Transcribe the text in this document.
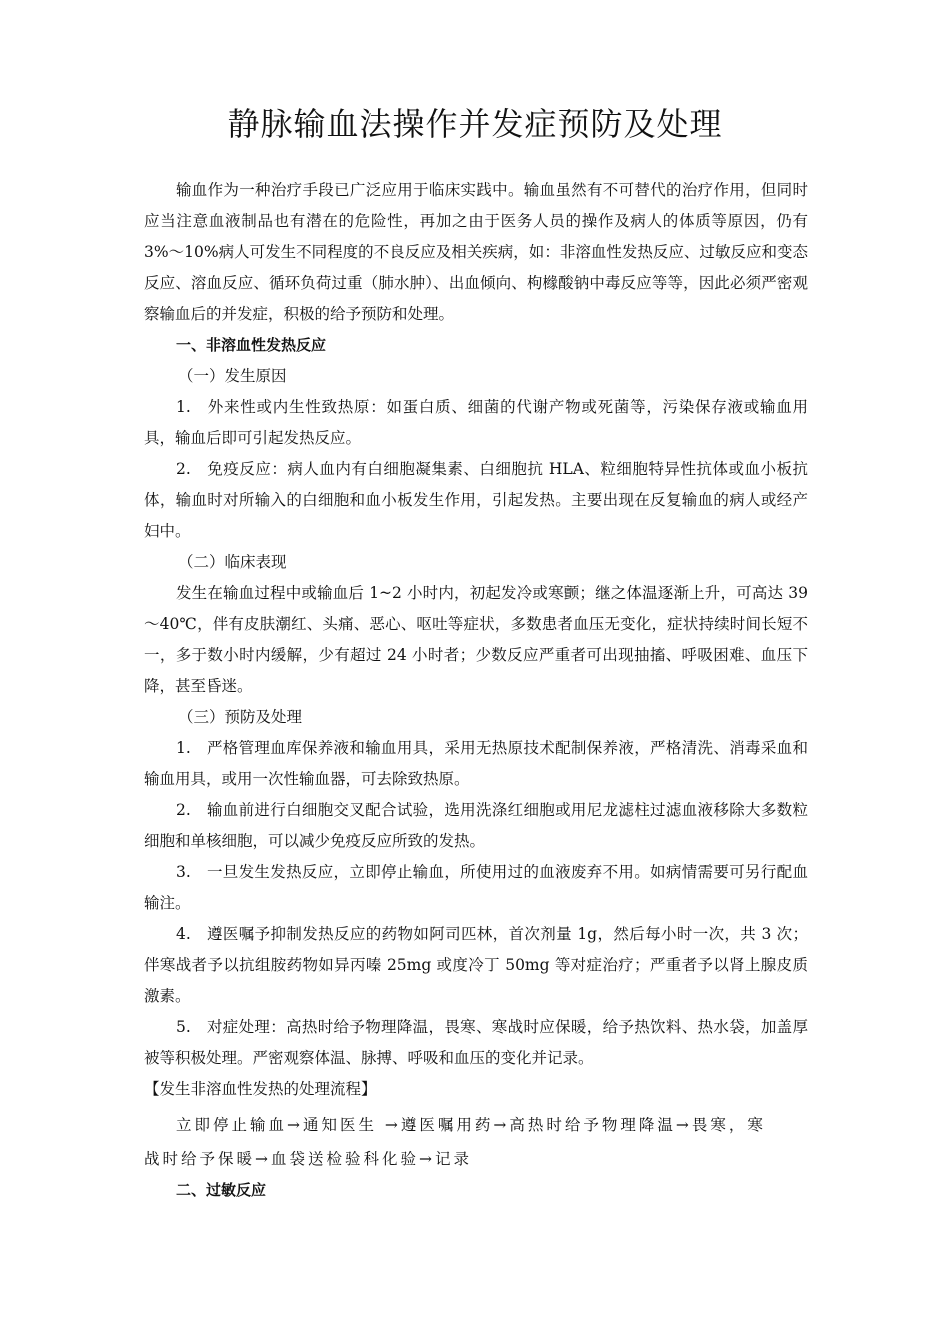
静脉输血法操作并发症预防及处理

输血作为一种治疗手段已广泛应用于临床实践中。输血虽然有不可替代的治疗作用，但同时应当注意血液制品也有潜在的危险性，再加之由于医务人员的操作及病人的体质等原因，仍有 3%～10%病人可发生不同程度的不良反应及相关疾病，如：非溶血性发热反应、过敏反应和变态反应、溶血反应、循环负荷过重（肺水肿）、出血倾向、枸橼酸钠中毒反应等等，因此必须严密观察输血后的并发症，积极的给予预防和处理。

一、非溶血性发热反应

（一）发生原因

1.　外来性或内生性致热原：如蛋白质、细菌的代谢产物或死菌等，污染保存液或输血用具，输血后即可引起发热反应。

2.　免疫反应：病人血内有白细胞凝集素、白细胞抗 HLA、粒细胞特异性抗体或血小板抗体，输血时对所输入的白细胞和血小板发生作用，引起发热。主要出现在反复输血的病人或经产妇中。

（二）临床表现

发生在输血过程中或输血后 1~2 小时内，初起发冷或寒颤；继之体温逐渐上升，可高达 39～40℃，伴有皮肤潮红、头痛、恶心、呕吐等症状，多数患者血压无变化，症状持续时间长短不一，多于数小时内缓解，少有超过 24 小时者；少数反应严重者可出现抽搐、呼吸困难、血压下降，甚至昏迷。

（三）预防及处理

1.　严格管理血库保养液和输血用具，采用无热原技术配制保养液，严格清洗、消毒采血和输血用具，或用一次性输血器，可去除致热原。

2.　输血前进行白细胞交叉配合试验，选用洗涤红细胞或用尼龙滤柱过滤血液移除大多数粒细胞和单核细胞，可以减少免疫反应所致的发热。

3.　一旦发生发热反应，立即停止输血，所使用过的血液废弃不用。如病情需要可另行配血输注。

4.　遵医嘱予抑制发热反应的药物如阿司匹林，首次剂量 1g，然后每小时一次，共 3 次；伴寒战者予以抗组胺药物如异丙嗪 25mg 或度冷丁 50mg 等对症治疗；严重者予以肾上腺皮质激素。

5.　对症处理：高热时给予物理降温，畏寒、寒战时应保暖，给予热饮料、热水袋，加盖厚被等积极处理。严密观察体温、脉搏、呼吸和血压的变化并记录。

【发生非溶血性发热的处理流程】

立即停止输血→通知医生 →遵医嘱用药→高热时给予物理降温→畏寒，寒

战时给予保暖→血袋送检验科化验→记录

二、过敏反应
